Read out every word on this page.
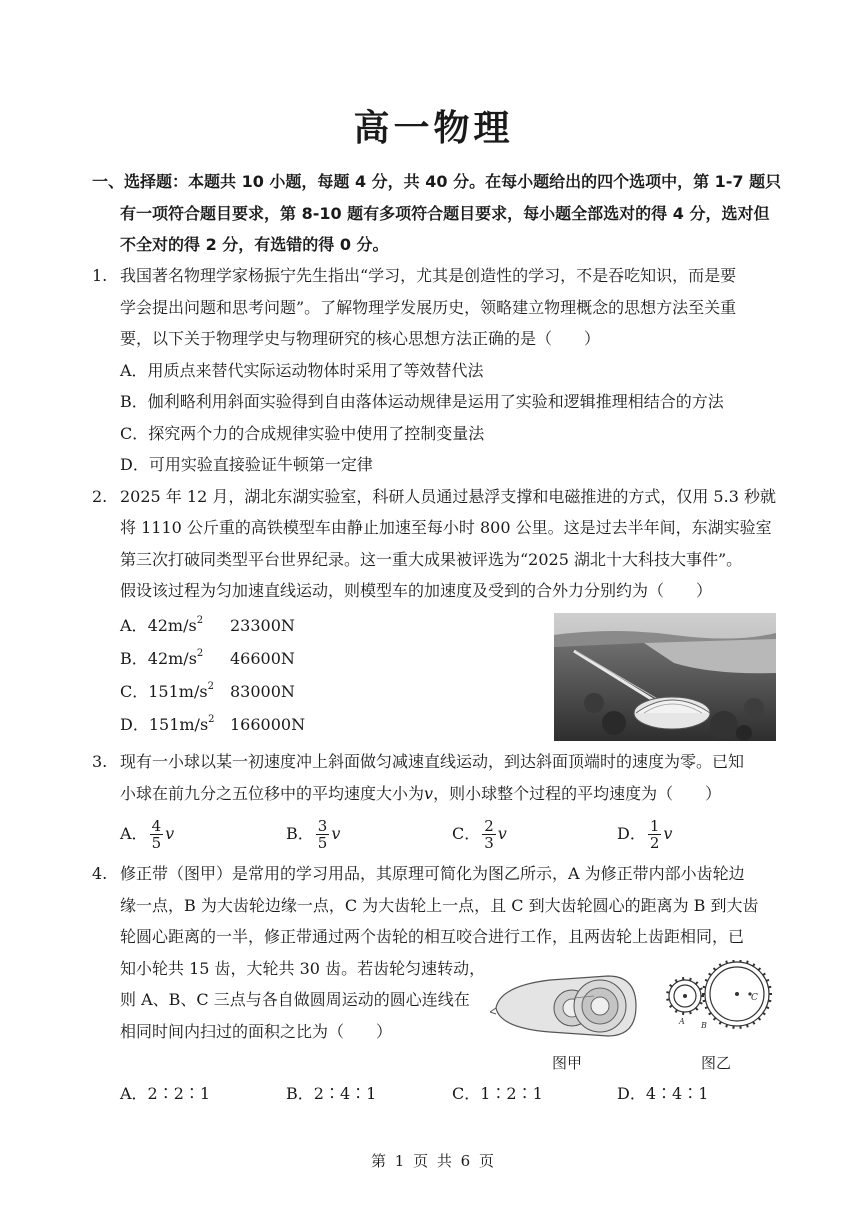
高一物理
一、选择题：本题共 10 小题，每题 4 分，共 40 分。在每小题给出的四个选项中，第 1-7 题只
有一项符合题目要求，第 8-10 题有多项符合题目要求，每小题全部选对的得 4 分，选对但
不全对的得 2 分，有选错的得 0 分。
1. 我国著名物理学家杨振宁先生指出“学习，尤其是创造性的学习，不是吞吃知识，而是要
学会提出问题和思考问题”。了解物理学发展历史，领略建立物理概念的思想方法至关重
要，以下关于物理学史与物理研究的核心思想方法正确的是（　　）
A．用质点来替代实际运动物体时采用了等效替代法
B．伽利略利用斜面实验得到自由落体运动规律是运用了实验和逻辑推理相结合的方法
C．探究两个力的合成规律实验中使用了控制变量法
D．可用实验直接验证牛顿第一定律
2. 2025 年 12 月，湖北东湖实验室，科研人员通过悬浮支撑和电磁推进的方式，仅用 5.3 秒就
将 1110 公斤重的高铁模型车由静止加速至每小时 800 公里。这是过去半年间，东湖实验室
第三次打破同类型平台世界纪录。这一重大成果被评选为“2025 湖北十大科技大事件”。
假设该过程为匀加速直线运动，则模型车的加速度及受到的合外力分别约为（　　）
A．$42m/s^2$ 23300N
B．$42m/s^2$ 46600N
C．$151m/s^2$ 83000N
D．$151m/s^2$ 166000N
3. 现有一小球以某一初速度冲上斜面做匀减速直线运动，到达斜面顶端时的速度为零。已知
小球在前九分之五位移中的平均速度大小为v，则小球整个过程的平均速度为（　　）
A． $\frac{4}{5}$ v	B． $\frac{3}{5}$ v	C． $\frac{2}{3}$ v	D． $\frac{1}{2}$ v
4. 修正带（图甲）是常用的学习用品，其原理可简化为图乙所示，A 为修正带内部小齿轮边
缘一点，B 为大齿轮边缘一点，C 为大齿轮上一点，且 C 到大齿轮圆心的距离为 B 到大齿
轮圆心距离的一半，修正带通过两个齿轮的相互咬合进行工作，且两齿轮上齿距相同，已
知小轮共 15 齿，大轮共 30 齿。若齿轮匀速转动，
则 A、B、C 三点与各自做圆周运动的圆心连线在
相同时间内扫过的面积之比为（　　）
A B
C
图甲	图乙
A．2∶2∶1	B．2∶4∶1	C．1∶2∶1	D．4∶4∶1
第 1 页 共 6 页
